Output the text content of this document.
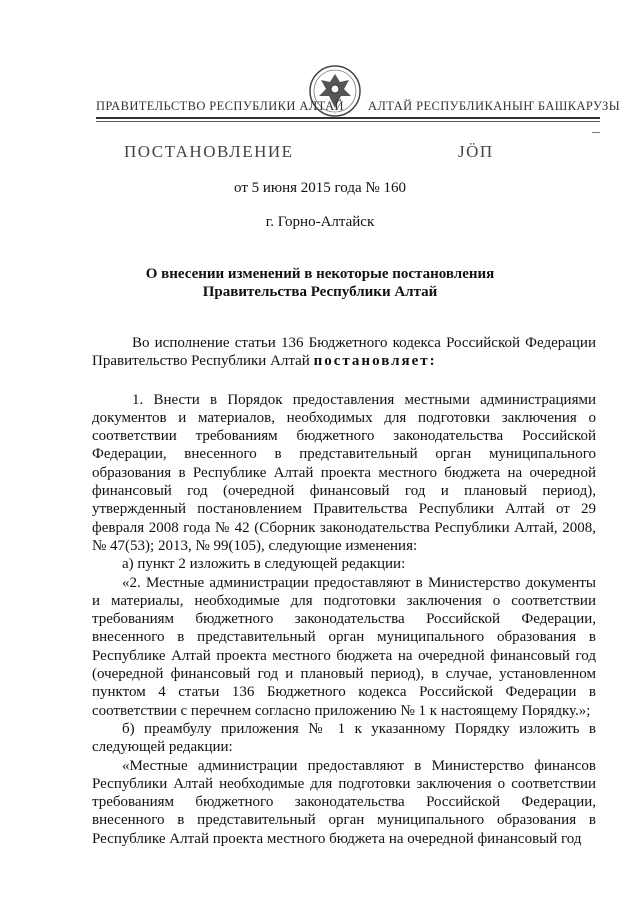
ПРАВИТЕЛЬСТВО РЕСПУБЛИКИ АЛТАЙ АЛТАЙ РЕСПУБЛИКАНЫҤ БАШКАРУЗЫ
ПОСТАНОВЛЕНИЕ	JÖП
от 5 июня 2015 года № 160
г. Горно-Алтайск
О внесении изменений в некоторые постановления
Правительства Республики Алтай

Во исполнение статьи 136 Бюджетного кодекса Российской Федерации Правительство Республики Алтай постановляет:

1. Внести в Порядок предоставления местными администрациями документов и материалов, необходимых для подготовки заключения о соответствии требованиям бюджетного законодательства Российской Федерации, внесенного в представительный орган муниципального образования в Республике Алтай проекта местного бюджета на очередной финансовый год (очередной финансовый год и плановый период), утвержденный постановлением Правительства Республики Алтай от 29 февраля 2008 года № 42 (Сборник законодательства Республики Алтай, 2008, № 47(53); 2013, № 99(105), следующие изменения:

а) пункт 2 изложить в следующей редакции:

«2. Местные администрации предоставляют в Министерство документы и материалы, необходимые для подготовки заключения о соответствии требованиям бюджетного законодательства Российской Федерации, внесенного в представительный орган муниципального образования в Республике Алтай проекта местного бюджета на очередной финансовый год (очередной финансовый год и плановый период), в случае, установленном пунктом 4 статьи 136 Бюджетного кодекса Российской Федерации в соответствии с перечнем согласно приложению № 1 к настоящему Порядку.»;

б) преамбулу приложения № 1 к указанному Порядку изложить в следующей редакции:

«Местные администрации предоставляют в Министерство финансов Республики Алтай необходимые для подготовки заключения о соответствии требованиям бюджетного законодательства Российской Федерации, внесенного в представительный орган муниципального образования в Республике Алтай проекта местного бюджета на очередной финансовый год
